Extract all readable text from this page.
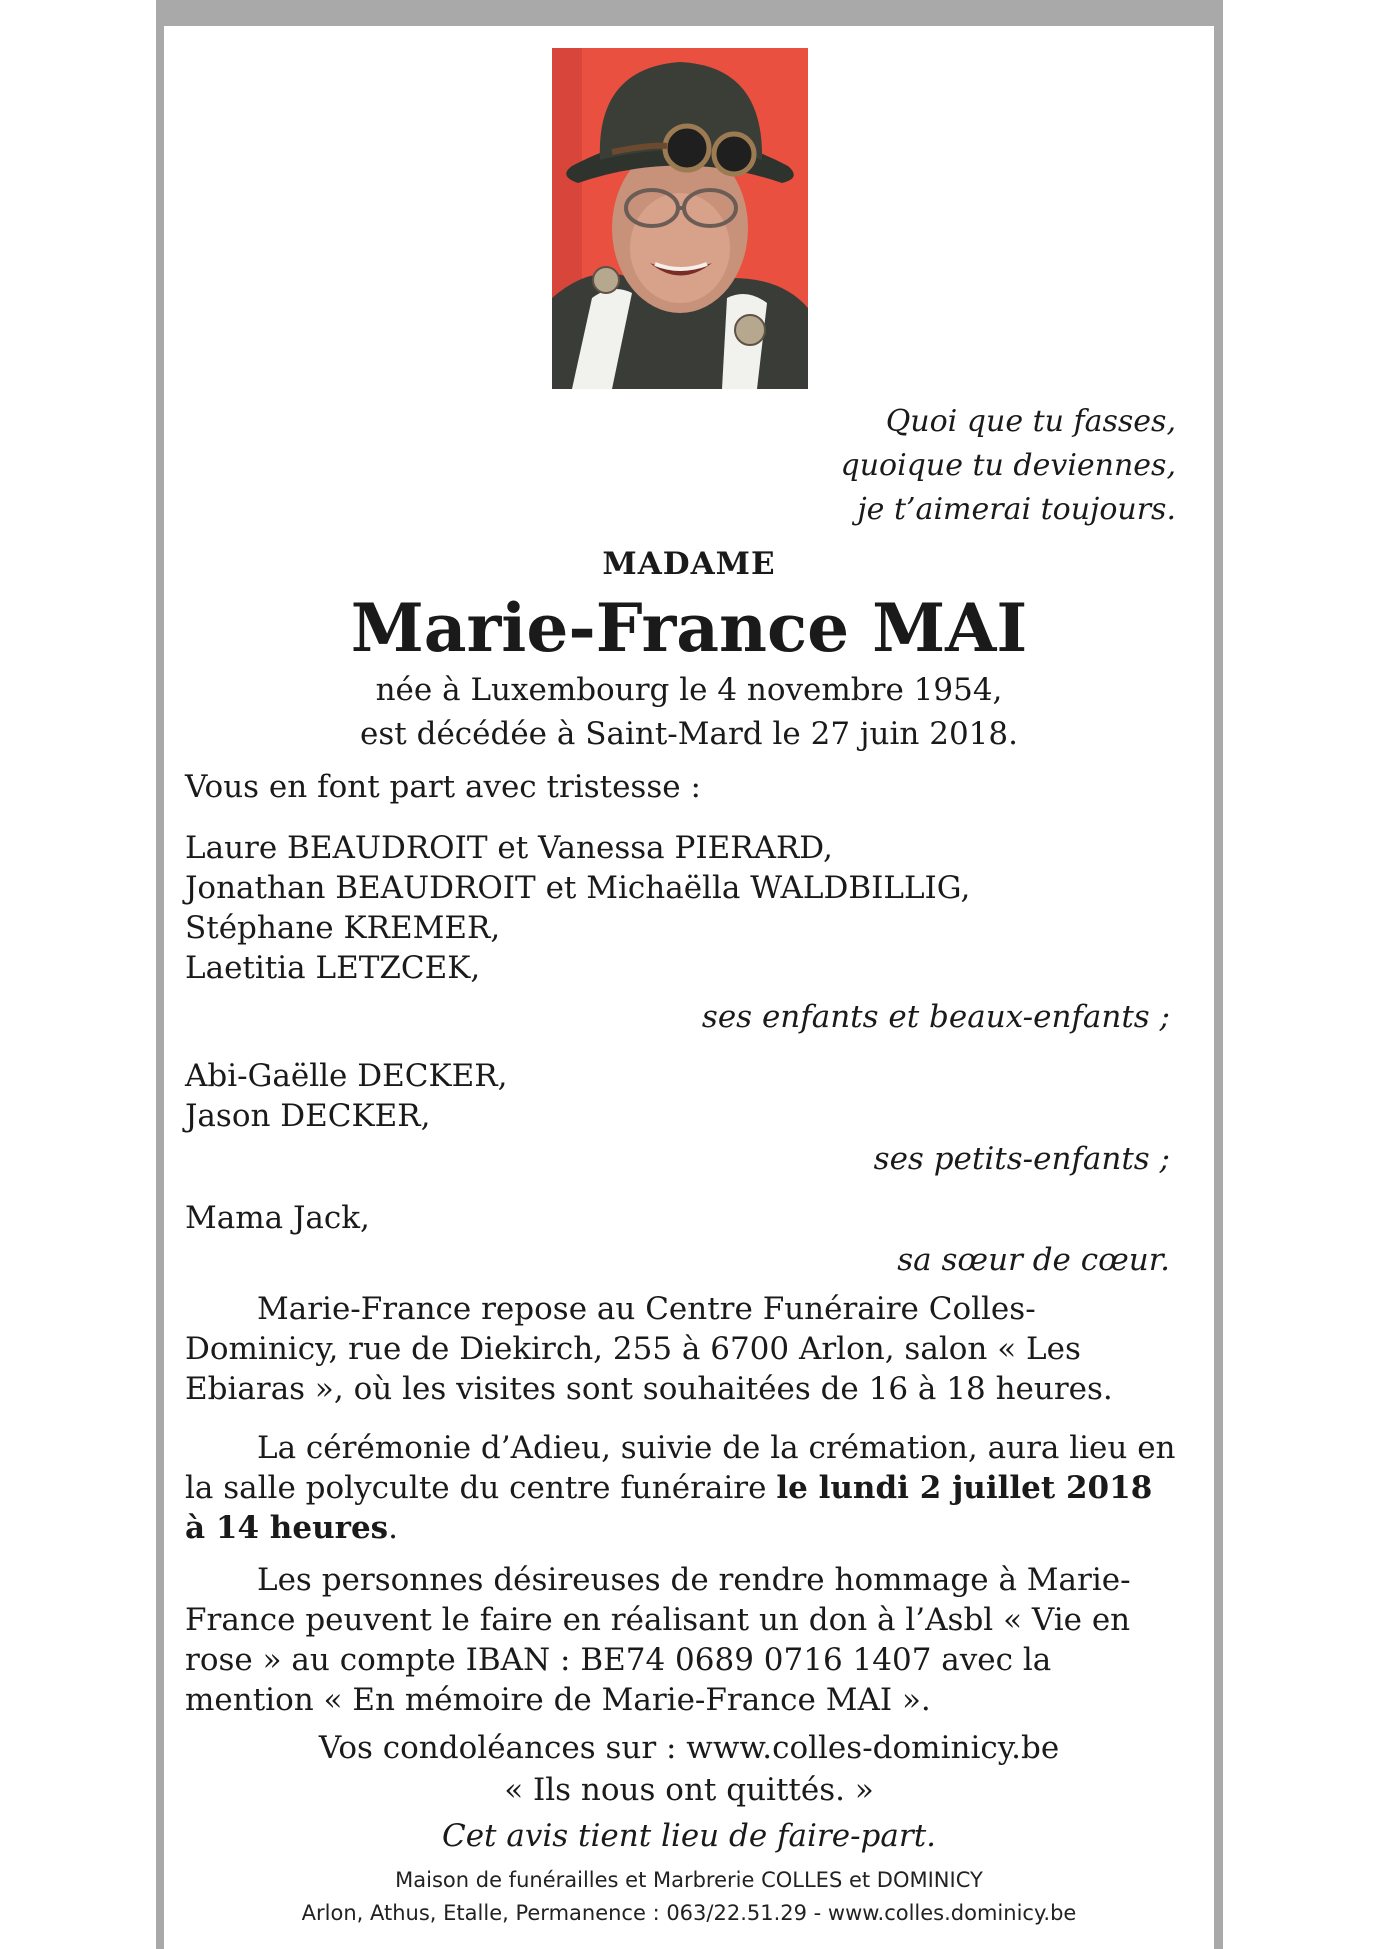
Quoi que tu fasses,
quoique tu deviennes,
je t’aimerai toujours.
MADAME
Marie-France MAI
née à Luxembourg le 4 novembre 1954,
est décédée à Saint-Mard le 27 juin 2018.
Vous en font part avec tristesse :
Laure BEAUDROIT et Vanessa PIERARD,
Jonathan BEAUDROIT et Michaëlla WALDBILLIG,
Stéphane KREMER,
Laetitia LETZCEK,
ses enfants et beaux-enfants ;
Abi-Gaëlle DECKER,
Jason DECKER,
ses petits-enfants ;
Mama Jack,
sa sœur de cœur.
Marie-France repose au Centre Funéraire Colles-Dominicy, rue de Diekirch, 255 à 6700 Arlon, salon « Les Ebiaras », où les visites sont souhaitées de 16 à 18 heures.
La cérémonie d’Adieu, suivie de la crémation, aura lieu en la salle polyculte du centre funéraire le lundi 2 juillet 2018 à 14 heures.
Les personnes désireuses de rendre hommage à Marie-France peuvent le faire en réalisant un don à l’Asbl « Vie en rose » au compte IBAN : BE74 0689 0716 1407 avec la mention « En mémoire de Marie-France MAI ».
Vos condoléances sur : www.colles-dominicy.be
« Ils nous ont quittés. »
Cet avis tient lieu de faire-part.
Maison de funérailles et Marbrerie COLLES et DOMINICY
Arlon, Athus, Etalle, Permanence : 063/22.51.29 - www.colles.dominicy.be
